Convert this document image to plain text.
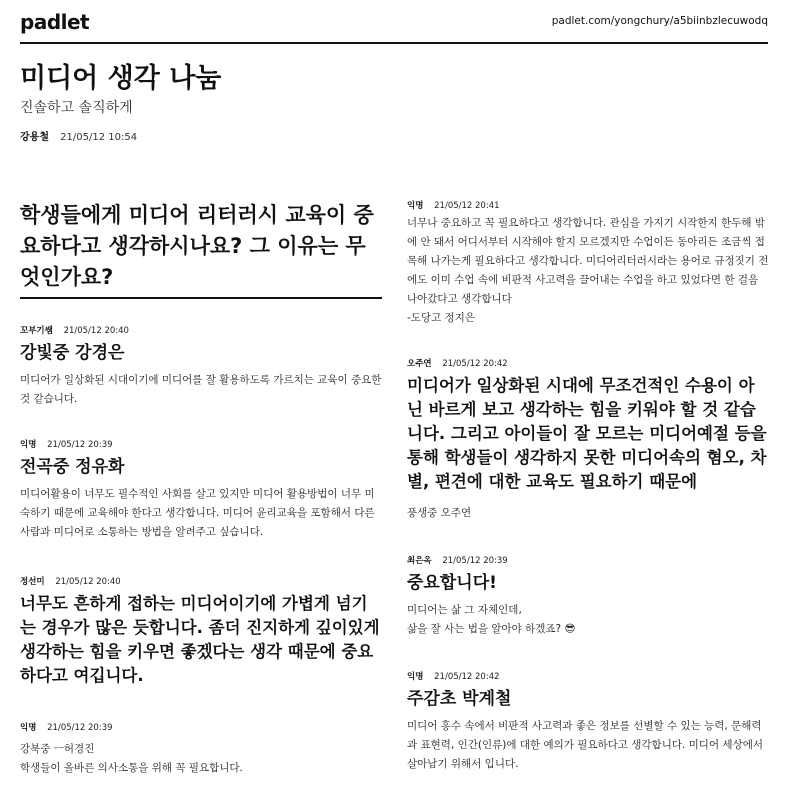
padlet	padlet.com/yongchury/a5biinbzlecuwodq
미디어 생각 나눔
진솔하고 솔직하게
강용철 21/05/12 10:54
학생들에게 미디어 리터러시 교육이 중요하다고 생각하시나요? 그 이유는 무엇인가요?
꼬부기쌤 21/05/12 20:40
강빛중 강경은
미디어가 일상화된 시대이기에 미디어를 잘 활용하도록 가르치는 교육이 중요한 것 같습니다.
익명 21/05/12 20:39
전곡중 정유화
미디어활용이 너무도 필수적인 사회를 살고 있지만 미디어 활용방법이 너무 미숙하기 때문에 교육해야 한다고 생각합니다. 미디어 윤리교육을 포함해서 다른사람과 미디어로 소통하는 방법을 알려주고 싶습니다.
정선미 21/05/12 20:40
너무도 흔하게 접하는 미디어이기에 가볍게 넘기는 경우가 많은 듯합니다. 좀더 진지하게 깊이있게 생각하는 힘을 키우면 좋겠다는 생각 때문에 중요하다고 여깁니다.
익명 21/05/12 20:39
강북중 ㅡ허경진
학생들이 올바른 의사소통을 위해 꼭 필요합니다.
익명 21/05/12 20:41
너무나 중요하고 꼭 필요하다고 생각합니다. 관심을 가지기 시작한지 한두해 밖에 안 돼서 어디서부터 시작해야 할지 모르겠지만 수업이든 동아리든 조금씩 접목해 나가는게 필요하다고 생각합니다. 미디어리터러시라는 용어로 규정짓기 전에도 이미 수업 속에 비판적 사고력을 끌어내는 수업을 하고 있었다면 한 걸음 나아갔다고 생각합니다
-도당고 정지은
오주연 21/05/12 20:42
미디어가 일상화된 시대에 무조건적인 수용이 아닌 바르게 보고 생각하는 힘을 키워야 할 것 같습니다. 그리고 아이들이 잘 모르는 미디어예절 등을 통해 학생들이 생각하지 못한 미디어속의 혐오, 차별, 편견에 대한 교육도 필요하기 때문에
풍생중 오주연
최은옥 21/05/12 20:39
중요합니다!
미디어는 삶 그 자체인데,
삶을 잘 사는 법을 알아야 하겠죠? 😎
익명 21/05/12 20:42
주감초 박계철
미디어 홍수 속에서 비판적 사고력과 좋은 정보를 선별할 수 있는 능력, 문해력과 표현력, 인간(인류)에 대한 예의가 필요하다고 생각합니다. 미디어 세상에서 살아남기 위해서 입니다.
